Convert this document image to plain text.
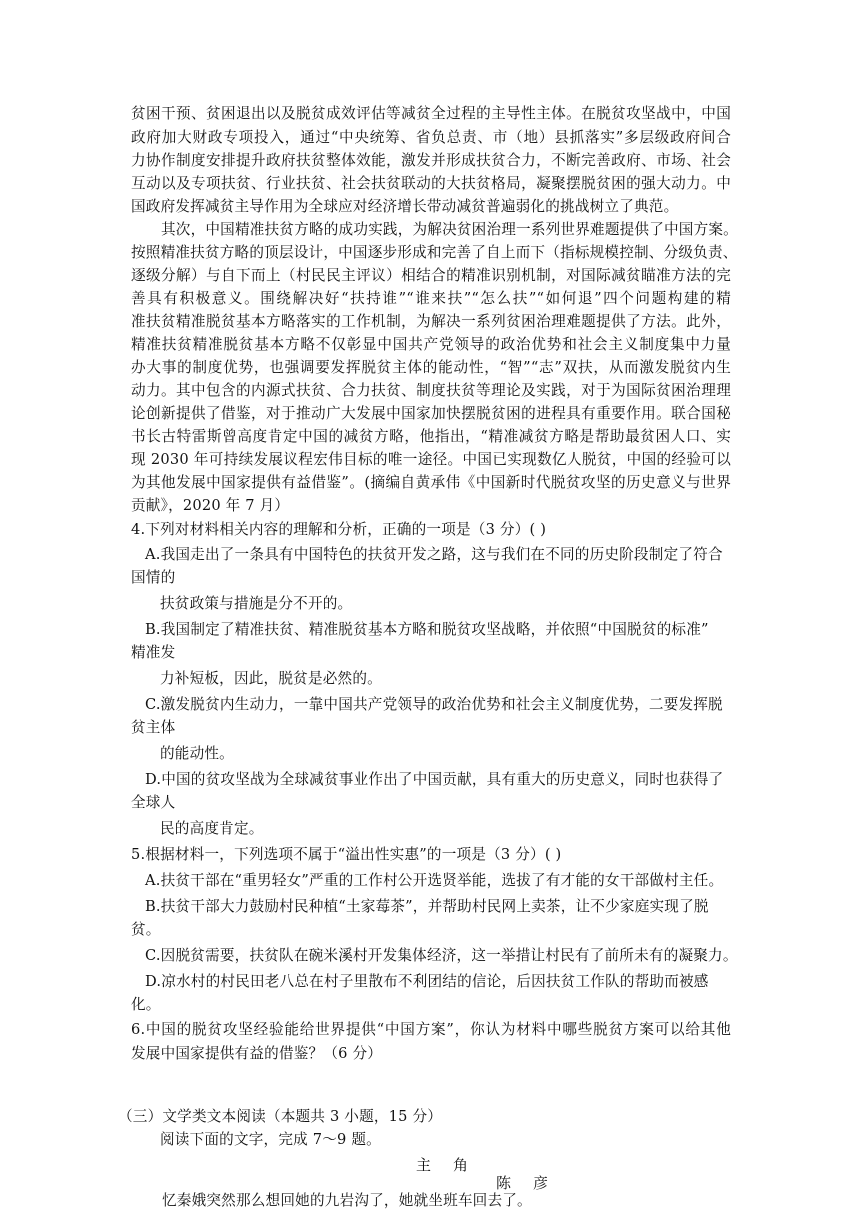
贫困干预、贫困退出以及脱贫成效评估等减贫全过程的主导性主体。在脱贫攻坚战中，中国
政府加大财政专项投入，通过“中央统筹、省负总责、市（地）县抓落实”多层级政府间合
力协作制度安排提升政府扶贫整体效能，激发并形成扶贫合力，不断完善政府、市场、社会
互动以及专项扶贫、行业扶贫、社会扶贫联动的大扶贫格局，凝聚摆脱贫困的强大动力。中
国政府发挥减贫主导作用为全球应对经济增长带动减贫普遍弱化的挑战树立了典范。
其次，中国精准扶贫方略的成功实践，为解决贫困治理一系列世界难题提供了中国方案。
按照精准扶贫方略的顶层设计，中国逐步形成和完善了自上而下（指标规模控制、分级负责、
逐级分解）与自下而上（村民民主评议）相结合的精准识别机制，对国际减贫瞄准方法的完
善具有积极意义。围绕解决好“扶持谁”“谁来扶”“怎么扶”“如何退”四个问题构建的精
准扶贫精准脱贫基本方略落实的工作机制，为解决一系列贫困治理难题提供了方法。此外，
精准扶贫精准脱贫基本方略不仅彰显中国共产党领导的政治优势和社会主义制度集中力量
办大事的制度优势，也强调要发挥脱贫主体的能动性，“智”“志”双扶，从而激发脱贫内生
动力。其中包含的内源式扶贫、合力扶贫、制度扶贫等理论及实践，对于为国际贫困治理理
论创新提供了借鉴，对于推动广大发展中国家加快摆脱贫困的进程具有重要作用。联合国秘
书长古特雷斯曾高度肯定中国的减贫方略，他指出，“精准减贫方略是帮助最贫困人口、实
现 2030 年可持续发展议程宏伟目标的唯一途径。中国已实现数亿人脱贫，中国的经验可以
为其他发展中国家提供有益借鉴”。(摘编自黄承伟《中国新时代脱贫攻坚的历史意义与世界
贡献》，2020 年 7 月）
4.下列对材料相关内容的理解和分析，正确的一项是（3 分）( )
A.我国走出了一条具有中国特色的扶贫开发之路，这与我们在不同的历史阶段制定了符合
国情的
扶贫政策与措施是分不开的。
B.我国制定了精准扶贫、精准脱贫基本方略和脱贫攻坚战略，并依照“中国脱贫的标准”
精准发
力补短板，因此，脱贫是必然的。
C.激发脱贫内生动力，一靠中国共产党领导的政治优势和社会主义制度优势，二要发挥脱
贫主体
的能动性。
D.中国的贫攻坚战为全球减贫事业作出了中国贡献，具有重大的历史意义，同时也获得了
全球人
民的高度肯定。
5.根据材料一，下列选项不属于“溢出性实惠”的一项是（3 分）( )
A.扶贫干部在“重男轻女”严重的工作村公开选贤举能，选拔了有才能的女干部做村主任。
B.扶贫干部大力鼓励村民种植“土家莓茶”，并帮助村民网上卖茶，让不少家庭实现了脱
贫。
C.因脱贫需要，扶贫队在碗米溪村开发集体经济，这一举措让村民有了前所未有的凝聚力。
D.凉水村的村民田老八总在村子里散布不利团结的信论，后因扶贫工作队的帮助而被感
化。
6.中国的脱贫攻坚经验能给世界提供“中国方案”，你认为材料中哪些脱贫方案可以给其他
发展中国家提供有益的借鉴？（6 分）
（三）文学类文本阅读（本题共 3 小题，15 分）
阅读下面的文字，完成 7～9 题。
主角
陈彦
忆秦娥突然那么想回她的九岩沟了，她就坐班车回去了。
